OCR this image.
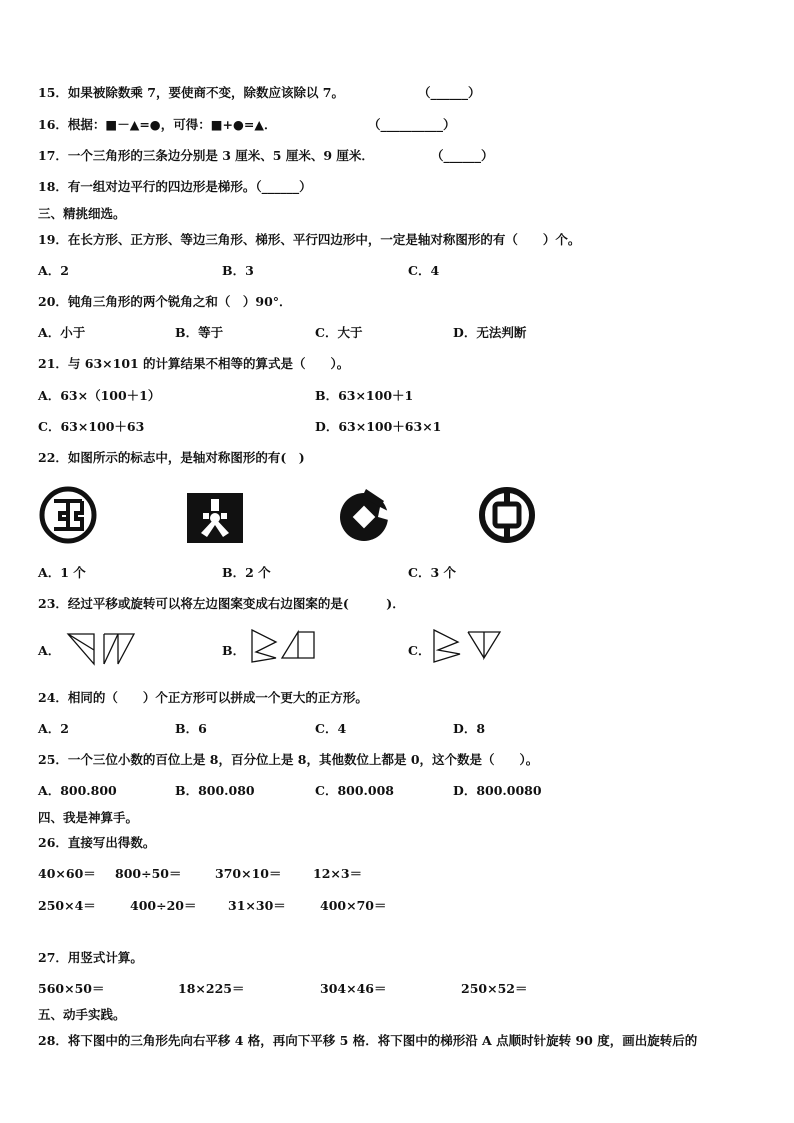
15．如果被除数乘 7，要使商不变，除数应该除以 7。	（______）
16．根据：■－▲=●，可得：■+●=▲．	（__________）
17．一个三角形的三条边分别是 3 厘米、5 厘米、9 厘米．	（______）
18．有一组对边平行的四边形是梯形。（______）
三、精挑细选。
19．在长方形、正方形、等边三角形、梯形、平行四边形中，一定是轴对称图形的有（　　）个。
A．2	B．3	C．4
20．钝角三角形的两个锐角之和（　）90°．
A．小于	B．等于	C．大于	D．无法判断
21．与 63×101 的计算结果不相等的算式是（　　）。
A．63×（100＋1）	B．63×100＋1
C．63×100＋63	D．63×100＋63×1
22．如图所示的标志中，是轴对称图形的有(　)
A．1 个	B．2 个	C．3 个
23．经过平移或旋转可以将左边图案变成右边图案的是(　　　)．
A．	B．	C．
24．相同的（　　）个正方形可以拼成一个更大的正方形。
A．2	B．6	C．4	D．8
25．一个三位小数的百位上是 8，百分位上是 8，其他数位上都是 0，这个数是（　　）。
A．800.800	B．800.080	C．800.008	D．800.0080
四、我是神算手。
26．直接写出得数。
40×60＝ 800÷50＝	370×10＝	12×3＝
250×4＝	400÷20＝	31×30＝	400×70＝
27．用竖式计算。
560×50＝	18×225＝	304×46＝	250×52＝
五、动手实践。
28．将下图中的三角形先向右平移 4 格，再向下平移 5 格．将下图中的梯形沿 A 点顺时针旋转 90 度，画出旋转后的
